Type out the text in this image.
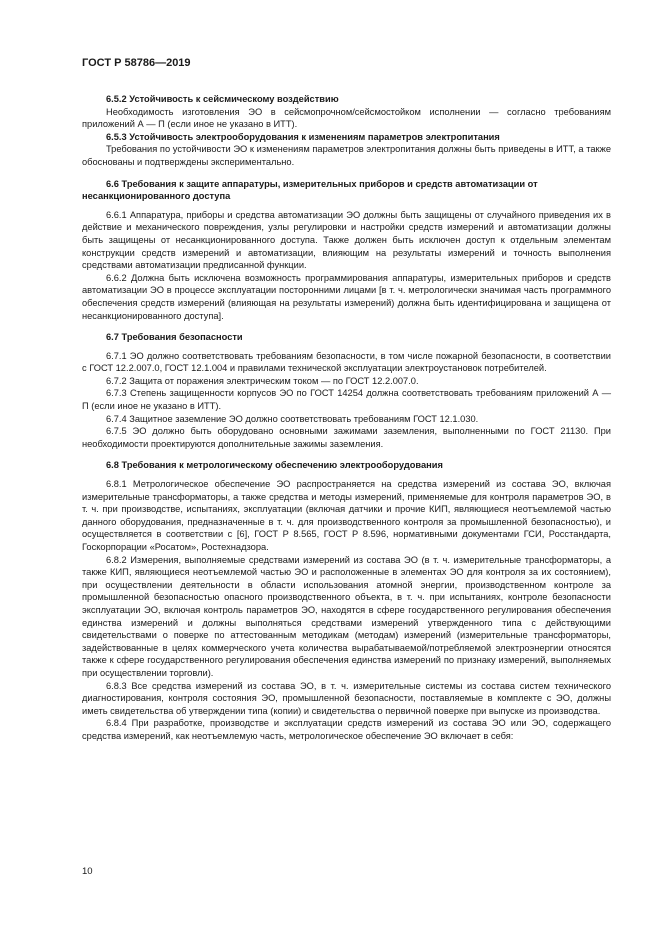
ГОСТ Р 58786—2019

6.5.2 Устойчивость к сейсмическому воздействию

Необходимость изготовления ЭО в сейсмопрочном/сейсмостойком исполнении — согласно требованиям приложений А — П (если иное не указано в ИТТ).

6.5.3 Устойчивость электрооборудования к изменениям параметров электропитания

Требования по устойчивости ЭО к изменениям параметров электропитания должны быть приведены в ИТТ, а также обоснованы и подтверждены экспериментально.

6.6 Требования к защите аппаратуры, измерительных приборов и средств автоматизации от несанкционированного доступа

6.6.1 Аппаратура, приборы и средства автоматизации ЭО должны быть защищены от случайного приведения их в действие и механического повреждения, узлы регулировки и настройки средств измерений и автоматизации должны быть защищены от несанкционированного доступа. Также должен быть исключен доступ к отдельным элементам конструкции средств измерений и автоматизации, влияющим на результаты измерений и точность выполнения средствами автоматизации предписанной функции.

6.6.2 Должна быть исключена возможность программирования аппаратуры, измерительных приборов и средств автоматизации ЭО в процессе эксплуатации посторонними лицами [в т. ч. метрологически значимая часть программного обеспечения средств измерений (влияющая на результаты измерений) должна быть идентифицирована и защищена от несанкционированного доступа].

6.7 Требования безопасности

6.7.1 ЭО должно соответствовать требованиям безопасности, в том числе пожарной безопасности, в соответствии с ГОСТ 12.2.007.0, ГОСТ 12.1.004 и правилами технической эксплуатации электроустановок потребителей.

6.7.2 Защита от поражения электрическим током — по ГОСТ 12.2.007.0.

6.7.3 Степень защищенности корпусов ЭО по ГОСТ 14254 должна соответствовать требованиям приложений А — П (если иное не указано в ИТТ).

6.7.4 Защитное заземление ЭО должно соответствовать требованиям ГОСТ 12.1.030.

6.7.5 ЭО должно быть оборудовано основными зажимами заземления, выполненными по ГОСТ 21130. При необходимости проектируются дополнительные зажимы заземления.

6.8 Требования к метрологическому обеспечению электрооборудования

6.8.1 Метрологическое обеспечение ЭО распространяется на средства измерений из состава ЭО, включая измерительные трансформаторы, а также средства и методы измерений, применяемые для контроля параметров ЭО, в т. ч. при производстве, испытаниях, эксплуатации (включая датчики и прочие КИП, являющиеся неотъемлемой частью данного оборудования, предназначенные в т. ч. для производственного контроля за промышленной безопасностью), и осуществляется в соответствии с [6], ГОСТ Р 8.565, ГОСТ Р 8.596, нормативными документами ГСИ, Росстандарта, Госкорпорации «Росатом», Ростехнадзора.

6.8.2 Измерения, выполняемые средствами измерений из состава ЭО (в т. ч. измерительные трансформаторы, а также КИП, являющиеся неотъемлемой частью ЭО и расположенные в элементах ЭО для контроля за их состоянием), при осуществлении деятельности в области использования атомной энергии, производственном контроле за промышленной безопасностью опасного производственного объекта, в т. ч. при испытаниях, контроле безопасности эксплуатации ЭО, включая контроль параметров ЭО, находятся в сфере государственного регулирования обеспечения единства измерений и должны выполняться средствами измерений утвержденного типа с действующими свидетельствами о поверке по аттестованным методикам (методам) измерений (измерительные трансформаторы, задействованные в целях коммерческого учета количества вырабатываемой/потребляемой электроэнергии относятся также к сфере государственного регулирования обеспечения единства измерений по признаку измерений, выполняемых при осуществлении торговли).

6.8.3 Все средства измерений из состава ЭО, в т. ч. измерительные системы из состава систем технического диагностирования, контроля состояния ЭО, промышленной безопасности, поставляемые в комплекте с ЭО, должны иметь свидетельства об утверждении типа (копии) и свидетельства о первичной поверке при выпуске из производства.

6.8.4 При разработке, производстве и эксплуатации средств измерений из состава ЭО или ЭО, содержащего средства измерений, как неотъемлемую часть, метрологическое обеспечение ЭО включает в себя:

10
